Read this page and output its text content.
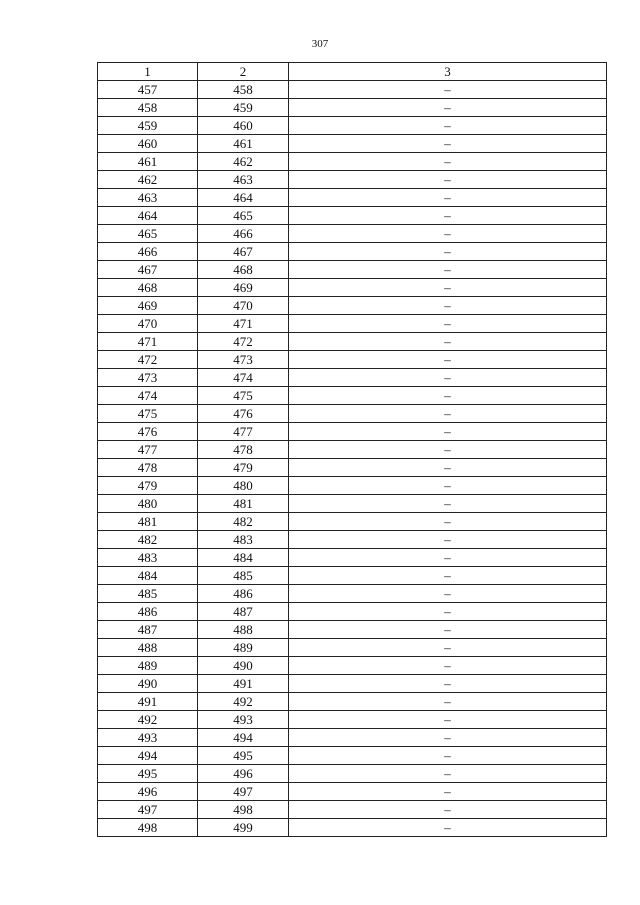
307
1	2	3
457	458	–
458	459	–
459	460	–
460	461	–
461	462	–
462	463	–
463	464	–
464	465	–
465	466	–
466	467	–
467	468	–
468	469	–
469	470	–
470	471	–
471	472	–
472	473	–
473	474	–
474	475	–
475	476	–
476	477	–
477	478	–
478	479	–
479	480	–
480	481	–
481	482	–
482	483	–
483	484	–
484	485	–
485	486	–
486	487	–
487	488	–
488	489	–
489	490	–
490	491	–
491	492	–
492	493	–
493	494	–
494	495	–
495	496	–
496	497	–
497	498	–
498	499	–
